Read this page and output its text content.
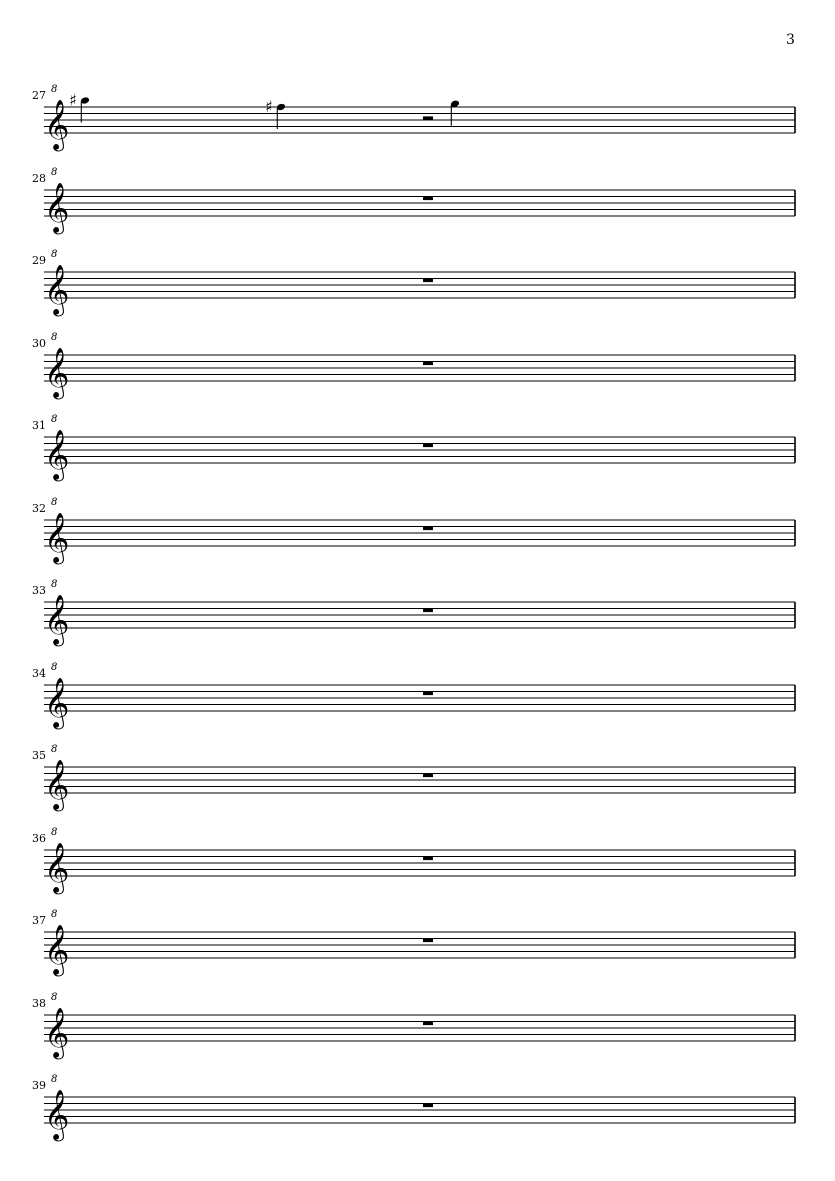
3
27
𝄞
8
♯	♯
28
𝄞
8
29
𝄞
8
30
𝄞
8
31
𝄞
8
32
𝄞
8
33
𝄞
8
34
𝄞
8
35
𝄞
8
36
𝄞
8
37
𝄞
8
38
𝄞
8
39
𝄞
8
